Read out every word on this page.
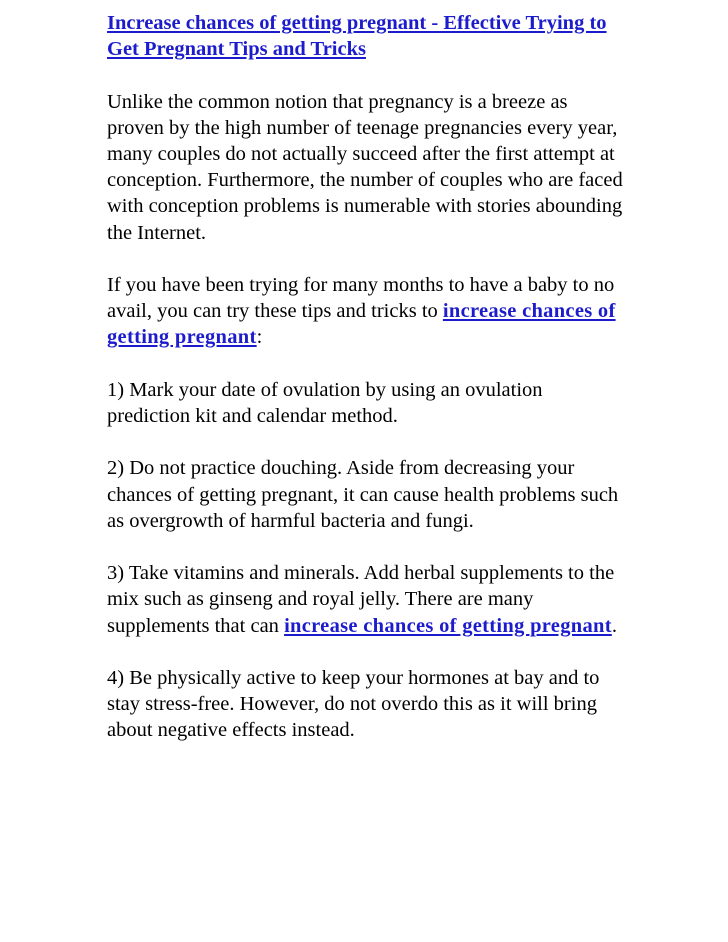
Increase chances of getting pregnant - Effective Trying to Get Pregnant Tips and Tricks

Unlike the common notion that pregnancy is a breeze as proven by the high number of teenage pregnancies every year, many couples do not actually succeed after the first attempt at conception. Furthermore, the number of couples who are faced with conception problems is numerable with stories abounding the Internet.

If you have been trying for many months to have a baby to no avail, you can try these tips and tricks to increase chances of getting pregnant:

1) Mark your date of ovulation by using an ovulation prediction kit and calendar method.

2) Do not practice douching. Aside from decreasing your chances of getting pregnant, it can cause health problems such as overgrowth of harmful bacteria and fungi.

3) Take vitamins and minerals. Add herbal supplements to the mix such as ginseng and royal jelly. There are many supplements that can increase chances of getting pregnant.

4) Be physically active to keep your hormones at bay and to stay stress-free. However, do not overdo this as it will bring about negative effects instead.
